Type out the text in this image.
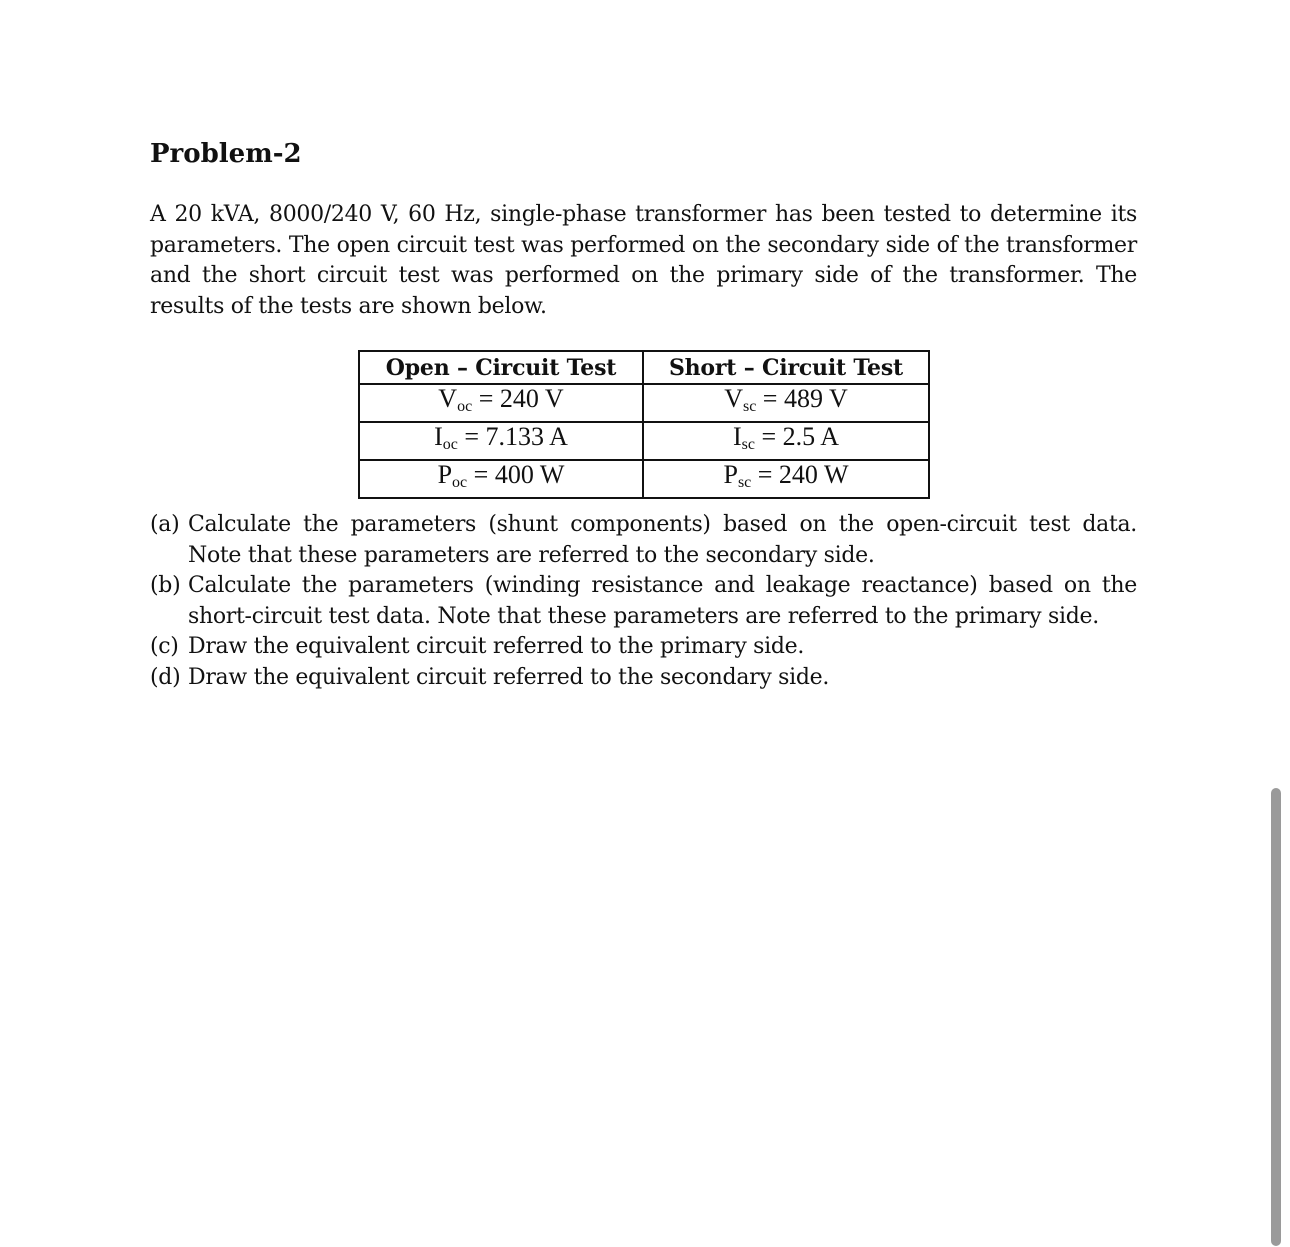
Problem-2

A 20 kVA, 8000/240 V, 60 Hz, single-phase transformer has been tested to determine its parameters. The open circuit test was performed on the secondary side of the transformer and the short circuit test was performed on the primary side of the transformer. The results of the tests are shown below.

Open – Circuit Test	Short – Circuit Test
$V_{oc} = 240$ V	$V_{sc} = 489$ V
$I_{oc} = 7.133$ A	$I_{sc} = 2.5$ A
$P_{oc} = 400$ W	$P_{sc} = 240$ W
(a) Calculate the parameters (shunt components) based on the open-circuit test data. Note that these parameters are referred to the secondary side.
(b) Calculate the parameters (winding resistance and leakage reactance) based on the short-circuit test data. Note that these parameters are referred to the primary side.
(c) Draw the equivalent circuit referred to the primary side.
(d) Draw the equivalent circuit referred to the secondary side.
